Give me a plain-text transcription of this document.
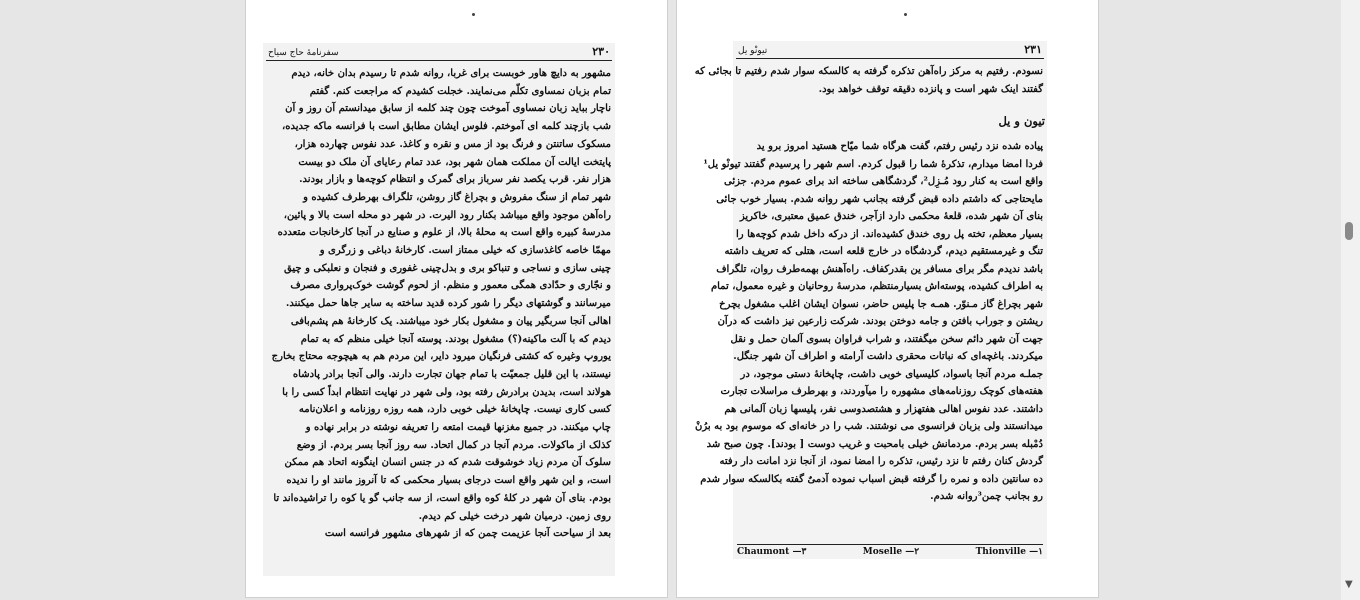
۲۳۰
سفرنامهٔ حاج سیاح
مشهور به دایچ هاور خوبست برای غربا، روانه شدم تا رسیدم بدان خانه، دیدم
تمام بزبان نمساوی تکلّم می‌نمایند. خجلت کشیدم که مراجعت کنم. گفتم
ناچار بباید زبان نمساوی آموخت چون چند کلمه از سابق میدانستم آن روز و آن
شب بازچند کلمه ای آموختم. فلوس ایشان مطابق است با فرانسه ماکه جدیده،
مسکوک ساتنتن و فرنگ بود از مس و نقره و کاغذ. عدد نفوس چهارده هزار،
پایتخت ایالت آن مملکت همان شهر بود، عدد تمام رعایای آن ملک دو بیست
هزار نفر. قرب یکصد نفر سرباز برای گمرک و انتظام کوچه‌ها و بازار بودند.
شهر تمام از سنگ مفروش و بچراغ گاز روشن، تلگراف بهرطرف کشیده و
راه‌آهن موجود واقع میباشد بکنار رود الیرت. در شهر دو محله است بالا و پائین،
مدرسهٔ کبیره واقع است به محلهٔ بالا، از علوم و صنایع در آنجا کارخانجات متعدده
مهمّا خاصه کاغذسازی که خیلی ممتاز است. کارخانهٔ دباغی و زرگری و
چینی سازی و نساجی و تنباکو بری و بدل‌چینی غفوری و فنجان و نعلبکی و چیق
و نجّاری و حدّادی همگی معمور و منظم. از لحوم گوشت خوک‌پرواری مصرف
میرسانند و گوشتهای دیگر را شور کرده قدید ساخته به سایر جاها حمل میکنند.
اهالی آنجا سربگیر پیان و مشغول بکار خود میباشند. یک کارخانهٔ هم پشم‌بافی
دیدم که با آلت ماکینه(؟) مشغول بودند. پوسته آنجا خیلی منظم که به تمام
یوروپ وغیره که کشتی فرنگیان میرود دایر، این مردم هم به هیچوجه محتاج بخارج
نیستند، با این قلیل جمعیّت با تمام جهان تجارت دارند. والی آنجا برادر پادشاه
هولاند است، بدیدن برادرش رفته بود، ولی شهر در نهایت انتظام ابداً کسی را با
کسی کاری نیست. چاپخانهٔ خیلی خوبی دارد، همه روزه روزنامه و اعلان‌نامه
چاپ میکنند. در جمیع مغزنها قیمت امتعه را تعریفه نوشته در برابر نهاده و
کذلک از ماکولات. مردم آنجا در کمال اتحاد. سه روز آنجا بسر بردم. از وضع
سلوک آن مردم زیاد خوشوقت شدم که در جنس انسان اینگونه اتحاد هم ممکن
است، و این شهر واقع است درجای بسیار محکمی که تا آنروز مانند او را ندیده
بودم. بنای آن شهر در کلهٔ کوه واقع است، از سه جانب گو یا کوه را تراشیده‌اند تا
روی زمین. درمیان شهر درخت خیلی کم دیدم.
بعد از سیاحت آنجا عزیمت چمن که از شهرهای مشهور فرانسه است
۲۳۱
تیونْو یل
نسودم. رفتیم به مرکز راه‌آهن تذکره گرفته به کالسکه سوار شدم رفتیم تا بجائی که
گفتند اینک شهر است و پانزده دقیقه توقف خواهد بود.
تیون و یل
پیاده شده نزد رئیس رفتم، گفت هرگاه شما میّاح هستید امروز برو ید
فردا امضا میدارم، تذکرهٔ شما را قبول کردم. اسم شهر را پرسیدم گفتند تیونْو یل¹
واقع است به کنار رود مُـزِل²، گردشگاهی ساخته اند برای عموم مردم. جزئی
مایحتاجی که داشتم داده قبض گرفته بجانب شهر روانه شدم. بسیار خوب جائی
بنای آن شهر شده، قلعهٔ محکمی دارد ازآجر، خندق عمیق معتبری، خاکریز
بسیار معظم، تخته پل روی خندق کشیده‌اند. از درکه داخل شدم کوچه‌ها را
تنگ و غیرمستقیم دیدم، گردشگاه در خارج قلعه است، هتلی که تعریف داشته
باشد ندیدم مگر برای مسافر ین بقدرکفاف. راه‌آهنش بهمه‌طرف روان، تلگراف
به اطراف کشیده، پوسته‌اش بسیارمنتظم، مدرسهٔ روحانیان و غیره معمول، تمام
شهر بچراغ گاز مـنوّر. همـه جا پلیس حاضر، نسوان ایشان اغلب مشغول بچرخ
ریشتن و جوراب بافتن و جامه دوختن بودند. شرکت زارعین نیز داشت که درآن
جهت آن شهر دائم سخن میگفتند، و شراب فراوان بسوی آلمان حمل و نقل
میکردند. باغچه‌ای که نباتات محقری داشت آرامته و اطراف آن شهر جنگل.
جملـه مردم آنجا باسواد، کلیسیای خوبی داشت، چاپخانهٔ دستی موجود، در
هفته‌های کوچک روزنامه‌های مشهوره را میآوردند، و بهرطرف مراسلات تجارت
داشتند. عدد نفوس اهالی هفتهزار و هشتصدوسی نفر، پلیسها زبان آلمانی هم
میدانستند ولی بزبان فرانسوی می نوشتند. شب را در خانه‌ای که موسوم بود به برُنْ
دُمْبله بسر بردم. مردمانش خیلی بامحبت و غریب دوست [ بودند]. چون صبح شد
گردش کنان رفتم تا نزد رئیس، تذکره را امضا نمود، از آنجا نزد امانت دار رفته
ده سانتین داده و نمره را گرفته قبض اسباب نموده آدمیٌ گفته بکالسکه سوار شدم
رو بجانب چمن³روانه شدم.
Thionville —۱
Moselle —۲
Chaumont —۳
▼
